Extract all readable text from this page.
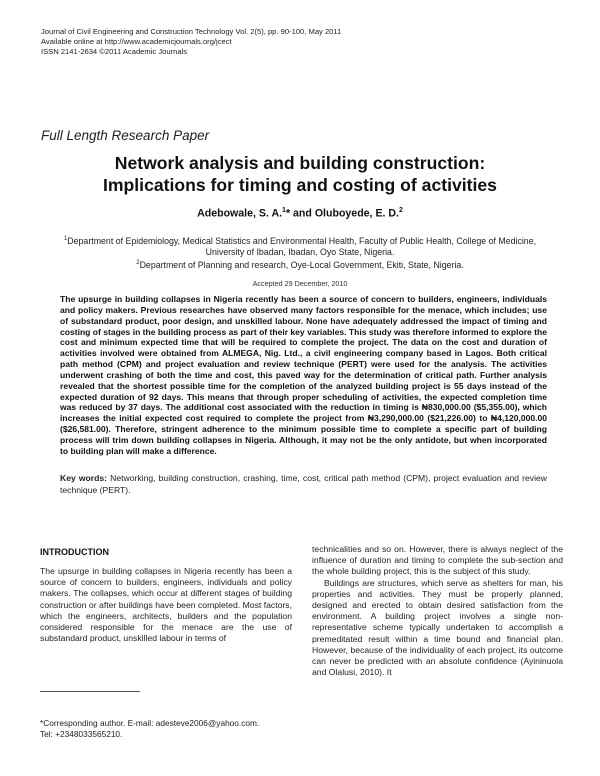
Journal of Civil Engineering and Construction Technology Vol. 2(5), pp. 90-100, May 2011
Available online at http://www.academicjournals.org/jcect
ISSN 2141-2634 ©2011 Academic Journals
Full Length Research Paper
Network analysis and building construction:
Implications for timing and costing of activities
Adebowale, S. A.$^1$* and Oluboyede, E. D.$^2$
$^1$Department of Epidemiology, Medical Statistics and Environmental Health, Faculty of Public Health, College of Medicine, University of Ibadan, Ibadan, Oyo State, Nigeria.
$^2$Department of Planning and research, Oye-Local Government, Ekiti, State, Nigeria.
Accepted 29 December, 2010
The upsurge in building collapses in Nigeria recently has been a source of concern to builders, engineers, individuals and policy makers. Previous researches have observed many factors responsible for the menace, which includes; use of substandard product, poor design, and unskilled labour. None have adequately addressed the impact of timing and costing of stages in the building process as part of their key variables. This study was therefore informed to explore the cost and minimum expected time that will be required to complete the project. The data on the cost and duration of activities involved were obtained from ALMEGA, Nig. Ltd., a civil engineering company based in Lagos. Both critical path method (CPM) and project evaluation and review technique (PERT) were used for the analysis. The activities underwent crashing of both the time and cost, this paved way for the determination of critical path. Further analysis revealed that the shortest possible time for the completion of the analyzed building project is 55 days instead of the expected duration of 92 days. This means that through proper scheduling of activities, the expected completion time was reduced by 37 days. The additional cost associated with the reduction in timing is ₦830,000.00 ($5,355.00), which increases the initial expected cost required to complete the project from ₦3,290,000.00 ($21,226.00) to ₦4,120,000.00 ($26,581.00). Therefore, stringent adherence to the minimum possible time to complete a specific part of building process will trim down building collapses in Nigeria. Although, it may not be the only antidote, but when incorporated to building plan will make a difference.
Key words: Networking, building construction, crashing, time, cost, critical path method (CPM), project evaluation and review technique (PERT).
INTRODUCTION

The upsurge in building collapses in Nigeria recently has been a source of concern to builders, engineers, individuals and policy makers. The collapses, which occur at different stages of building construction or after buildings have been completed. Most factors, which the engineers, architects, builders and the population considered responsible for the menace are the use of substandard product, unskilled labour in terms of

technicalities and so on. However, there is always neglect of the influence of duration and timing to complete the sub-section and the whole building project, this is the subject of this study.

Buildings are structures, which serve as shelters for man, his properties and activities. They must be properly planned, designed and erected to obtain desired satisfaction from the environment. A building project involves a single non-representative scheme typically undertaken to accomplish a premeditated result within a time bound and financial plan. However, because of the individuality of each project, its outcome can never be predicted with an absolute confidence (Ayininuola and Olalusi, 2010). It

*Corresponding author. E-mail: adesteve2006@yahoo.com.
Tel: +2348033565210.
